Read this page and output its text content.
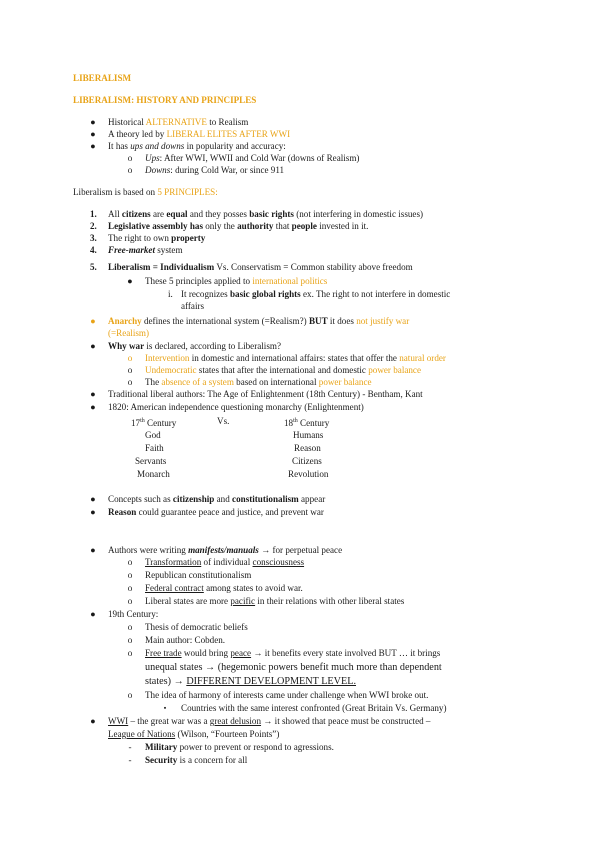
LIBERALISM
LIBERALISM: HISTORY AND PRINCIPLES
●	Historical ALTERNATIVE to Realism
●	A theory led by LIBERAL ELITES AFTER WWI
●	It has ups and downs in popularity and accuracy:
o	Ups: After WWI, WWII and Cold War (downs of Realism)
o	Downs: during Cold War, or since 911
Liberalism is based on 5 PRINCIPLES:
1. All citizens are equal and they posses basic rights (not interfering in domestic issues)
2. Legislative assembly has only the authority that people invested in it.
3. The right to own property
4. Free-market system
5. Liberalism = Individualism Vs. Conservatism = Common stability above freedom
●	These 5 principles applied to international politics
i. It recognizes basic global rights ex. The right to not interfere in domestic
affairs
●	Anarchy defines the international system (=Realism?) BUT it does not justify war
(=Realism)
●	Why war is declared, according to Liberalism?
o	Intervention in domestic and international affairs: states that offer the natural order
o	Undemocratic states that after the international and domestic power balance
o	The absence of a system based on international power balance
●	Traditional liberal authors: The Age of Enlightenment (18th Century) - Bentham, Kant
●	1820: American independence questioning monarchy (Enlightenment)
17th Century	Vs.	18th Century
God	Humans
Faith	Reason
Servants	Citizens
Monarch	Revolution
●	Concepts such as citizenship and constitutionalism appear
●	Reason could guarantee peace and justice, and prevent war
●	Authors were writing manifests/manuals → for perpetual peace
o	Transformation of individual consciousness
o	Republican constitutionalism
o	Federal contract among states to avoid war.
o	Liberal states are more pacific in their relations with other liberal states
●	19th Century:
o	Thesis of democratic beliefs
o	Main author: Cobden.
o	Free trade would bring peace → it benefits every state involved BUT … it brings
unequal states → (hegemonic powers benefit much more than dependent
states) → DIFFERENT DEVELOPMENT LEVEL.
o	The idea of harmony of interests came under challenge when WWI broke out.
▪	Countries with the same interest confronted (Great Britain Vs. Germany)
●	WWI – the great war was a great delusion → it showed that peace must be constructed –
League of Nations (Wilson, “Fourteen Points”)
-	Military power to prevent or respond to agressions.
-	Security is a concern for all
